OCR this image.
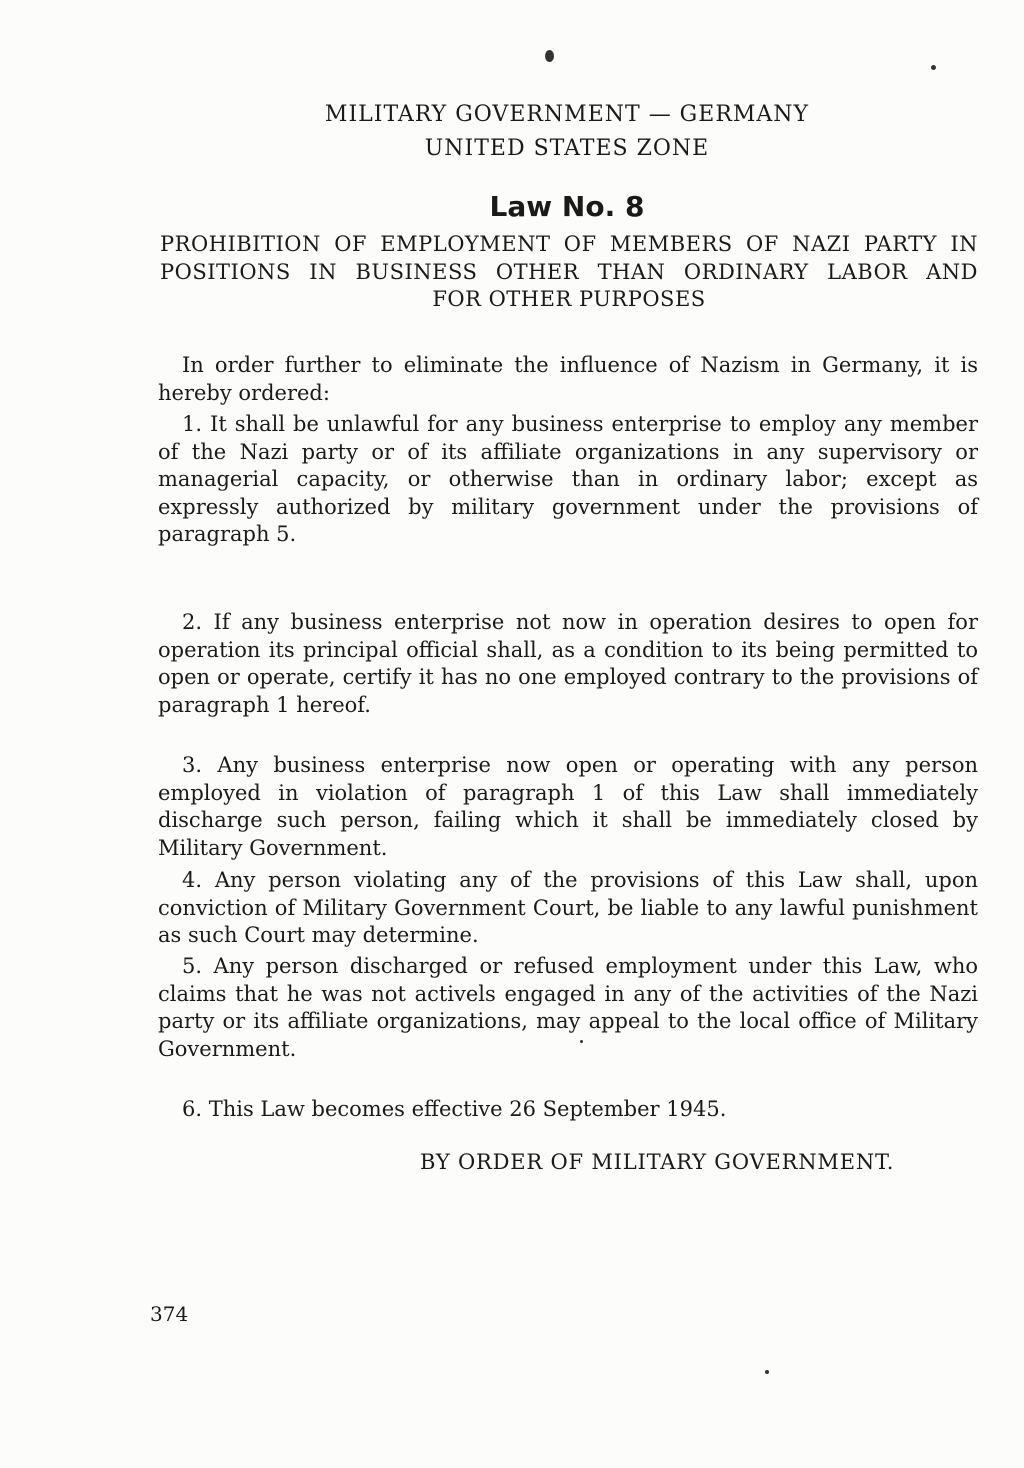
MILITARY GOVERNMENT — GERMANY
UNITED STATES ZONE
Law No. 8
PROHIBITION OF EMPLOYMENT OF MEMBERS OF NAZI PARTY IN
POSITIONS IN BUSINESS OTHER THAN ORDINARY LABOR AND
FOR OTHER PURPOSES
In order further to eliminate the influence of Nazism in Germany, it is hereby ordered:
1. It shall be unlawful for any business enterprise to employ any member of the Nazi party or of its affiliate organizations in any supervisory or managerial capacity, or otherwise than in ordinary labor; except as expressly authorized by military government under the provisions of paragraph 5.
2. If any business enterprise not now in operation desires to open for operation its principal official shall, as a condition to its being permitted to open or operate, certify it has no one employed contrary to the provisions of paragraph 1 hereof.
3. Any business enterprise now open or operating with any person employed in violation of paragraph 1 of this Law shall immediately discharge such person, failing which it shall be immediately closed by Military Government.
4. Any person violating any of the provisions of this Law shall, upon conviction of Military Government Court, be liable to any lawful punishment as such Court may determine.
5. Any person discharged or refused employment under this Law, who claims that he was not activels engaged in any of the activities of the Nazi party or its affiliate organizations, may appeal to the local office of Military Government.
6. This Law becomes effective 26 September 1945.
BY ORDER OF MILITARY GOVERNMENT.
374
